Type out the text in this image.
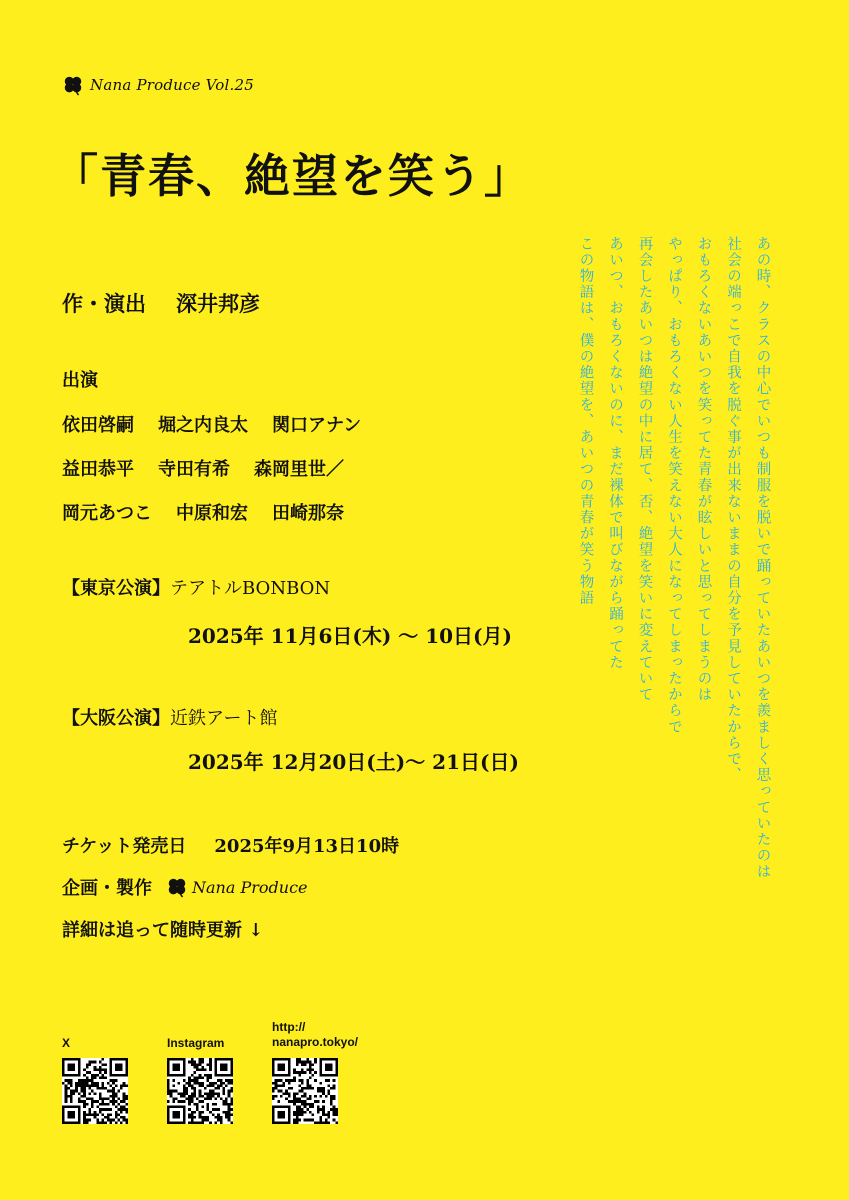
Nana Produce Vol.25
「青春、絶望を笑う」
作・演出 深井邦彦
出演
依田啓嗣 堀之内良太 関口アナン
益田恭平 寺田有希 森岡里世／
岡元あつこ 中原和宏 田崎那奈
【東京公演】テアトルBONBON
2025年 11月6日(木) 〜 10日(月)
【大阪公演】近鉄アート館
2025年 12月20日(土)〜 21日(日)
チケット発売日 2025年9月13日10時
企画・製作	Nana Produce
詳細は追って随時更新 ↓
X	Instagram
http://
nanapro.tokyo/
あの時、クラスの中心でいつも制服を脱いで踊っていたあいつを羨ましく思っていたのは
社会の端っこで自我を脱ぐ事が出来ないままの自分を予見していたからで、
おもろくないあいつを笑ってた青春が眩しいと思ってしまうのは
やっぱり、おもろくない人生を笑えない大人になってしまったからで
再会したあいつは絶望の中に居て、否、絶望を笑いに変えていて
あいつ、おもろくないのに、まだ裸体で叫びながら踊ってた
この物語は、僕の絶望を、あいつの青春が笑う物語
